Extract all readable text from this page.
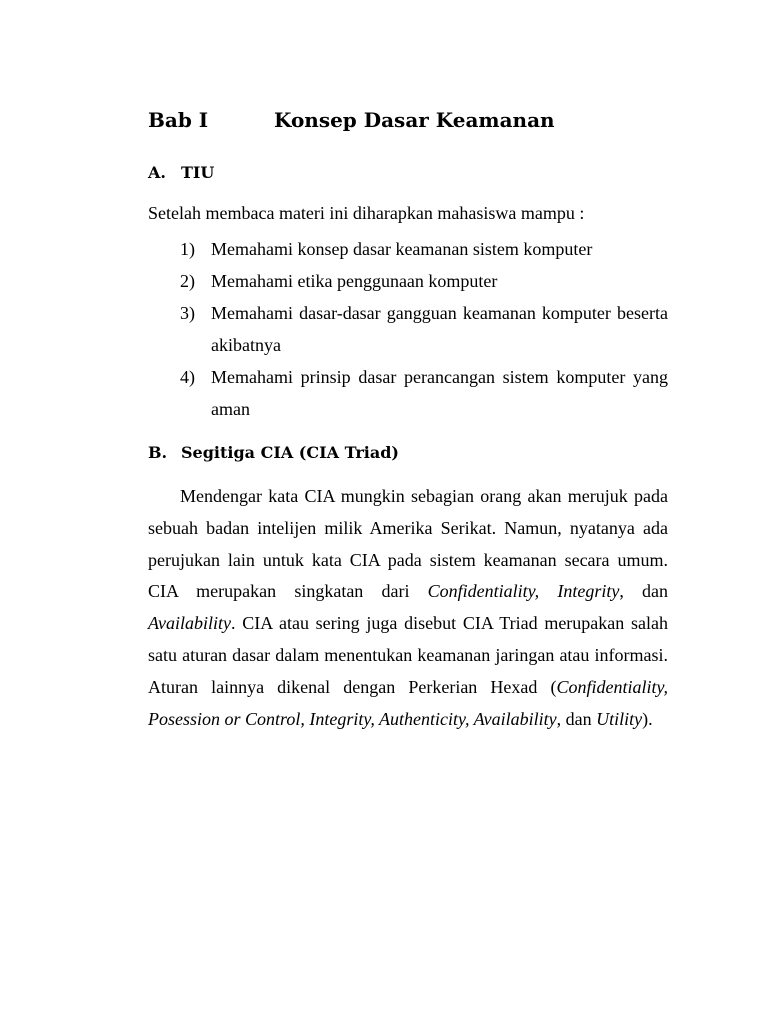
Bab I	Konsep Dasar Keamanan
A. TIU
Setelah membaca materi ini diharapkan mahasiswa mampu :
1) Memahami konsep dasar keamanan sistem komputer
2) Memahami etika penggunaan komputer
3) Memahami dasar-dasar gangguan keamanan komputer beserta akibatnya
4) Memahami prinsip dasar perancangan sistem komputer yang aman
B. Segitiga CIA (CIA Triad)

Mendengar kata CIA mungkin sebagian orang akan merujuk pada sebuah badan intelijen milik Amerika Serikat. Namun, nyatanya ada perujukan lain untuk kata CIA pada sistem keamanan secara umum. CIA merupakan singkatan dari Confidentiality, Integrity, dan Availability. CIA atau sering juga disebut CIA Triad merupakan salah satu aturan dasar dalam menentukan keamanan jaringan atau informasi. Aturan lainnya dikenal dengan Perkerian Hexad (Confidentiality, Posession or Control, Integrity, Authenticity, Availability, dan Utility).
